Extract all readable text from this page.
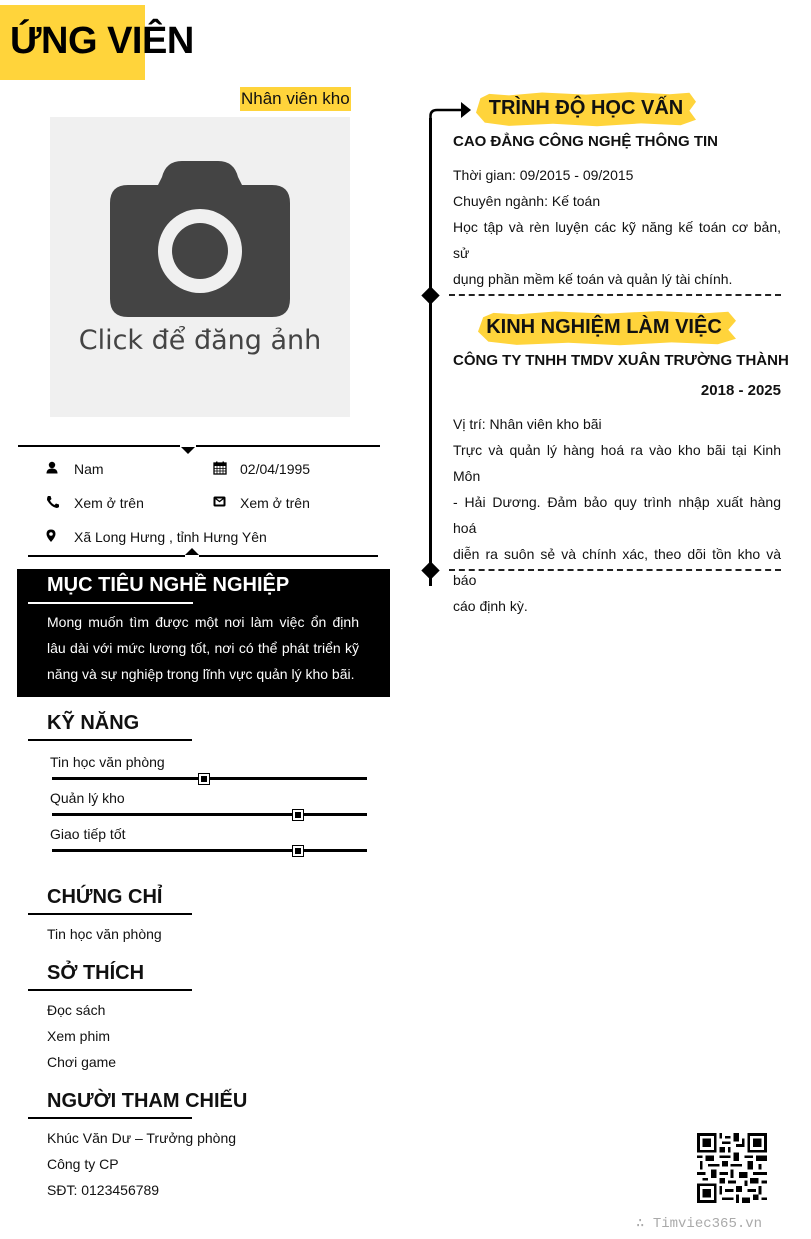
ỨNG VIÊN
Nhân viên kho
Click để đăng ảnh
Nam	02/04/1995
Xem ở trên	Xem ở trên
Xã Long Hưng , tỉnh Hưng Yên
MỤC TIÊU NGHỀ NGHIỆP
Mong muốn tìm được một nơi làm việc ổn định
lâu dài với mức lương tốt, nơi có thể phát triển kỹ
năng và sự nghiệp trong lĩnh vực quản lý kho bãi.
KỸ NĂNG
Tin học văn phòng
Quản lý kho
Giao tiếp tốt
CHỨNG CHỈ
Tin học văn phòng
SỞ THÍCH
Đọc sách
Xem phim
Chơi game
NGƯỜI THAM CHIẾU
Khúc Văn Dư – Trưởng phòng
Công ty CP
SĐT: 0123456789
TRÌNH ĐỘ HỌC VẤN
CAO ĐẲNG CÔNG NGHỆ THÔNG TIN
Thời gian: 09/2015 - 09/2015
Chuyên ngành: Kế toán
Học tập và rèn luyện các kỹ năng kế toán cơ bản, sử
dụng phần mềm kế toán và quản lý tài chính.
KINH NGHIỆM LÀM VIỆC
CÔNG TY TNHH TMDV XUÂN TRƯỜNG THÀNH
2018 - 2025
Vị trí: Nhân viên kho bãi
Trực và quản lý hàng hoá ra vào kho bãi tại Kinh Môn
- Hải Dương. Đảm bảo quy trình nhập xuất hàng hoá
diễn ra suôn sẻ và chính xác, theo dõi tồn kho và báo
cáo định kỳ.
∴ Timviec365.vn
